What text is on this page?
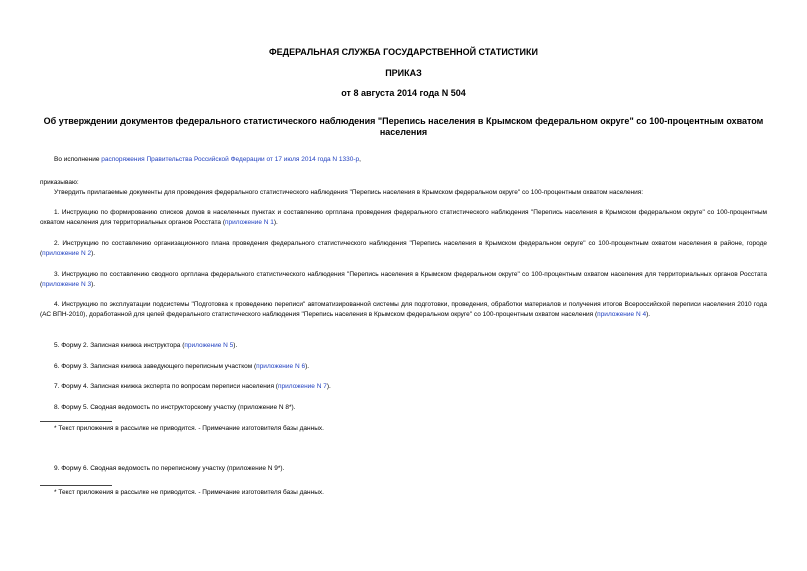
ФЕДЕРАЛЬНАЯ СЛУЖБА ГОСУДАРСТВЕННОЙ СТАТИСТИКИ
ПРИКАЗ
от 8 августа 2014 года N 504
Об утверждении документов федерального статистического наблюдения "Перепись населения в Крымском федеральном округе" со 100-процентным охватом населения
Во исполнение распоряжения Правительства Российской Федерации от 17 июля 2014 года N 1330-р,
приказываю:
Утвердить прилагаемые документы для проведения федерального статистического наблюдения "Перепись населения в Крымском федеральном округе" со 100-процентным охватом населения:
1. Инструкцию по формированию списков домов в населенных пунктах и составлению оргплана проведения федерального статистического наблюдения "Перепись населения в Крымском федеральном округе" со 100-процентным охватом населения для территориальных органов Росстата (приложение N 1).
2. Инструкцию по составлению организационного плана проведения федерального статистического наблюдения "Перепись населения в Крымском федеральном округе" со 100-процентным охватом населения в районе, городе (приложение N 2).
3. Инструкцию по составлению сводного оргплана федерального статистического наблюдения "Перепись населения в Крымском федеральном округе" со 100-процентным охватом населения для территориальных органов Росстата (приложение N 3).
4. Инструкцию по эксплуатации подсистемы "Подготовка к проведению переписи" автоматизированной системы для подготовки, проведения, обработки материалов и получения итогов Всероссийской переписи населения 2010 года (АС ВПН-2010), доработанной для целей федерального статистического наблюдения "Перепись населения в Крымском федеральном округе" со 100-процентным охватом населения (приложение N 4).
5. Форму 2. Записная книжка инструктора (приложение N 5).
6. Форму 3. Записная книжка заведующего переписным участком (приложение N 6).
7. Форму 4. Записная книжка эксперта по вопросам переписи населения (приложение N 7).
8. Форму 5. Сводная ведомость по инструкторскому участку (приложение N 8*).
* Текст приложения в рассылке не приводится. - Примечание изготовителя базы данных.
9. Форму 6. Сводная ведомость по переписному участку (приложение N 9*).
* Текст приложения в рассылке не приводится. - Примечание изготовителя базы данных.
